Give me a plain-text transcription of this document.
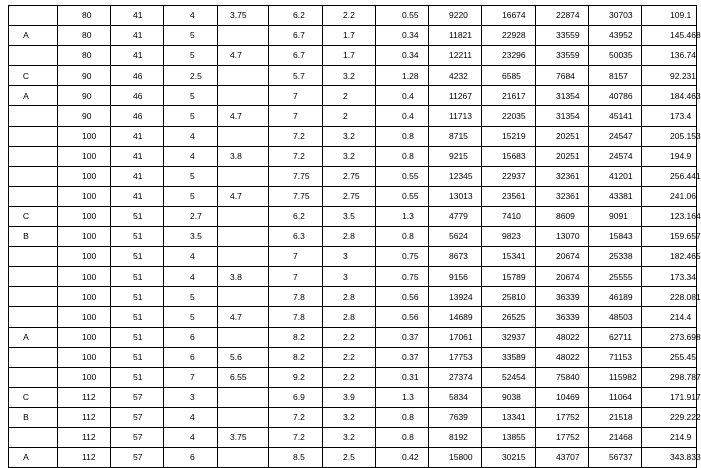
	80	41	4	3.75	6.2	2.2	0.55	9220	16674	22874	30703	109.1
A	80	41	5		6.7	1.7	0.34	11821	22928	33559	43952	145.468
	80	41	5	4.7	6.7	1.7	0.34	12211	23296	33559	50035	136.74
C	90	46	2.5		5.7	3.2	1.28	4232	6585	7684	8157	92.231
A	90	46	5		7	2	0.4	11267	21617	31354	40786	184.463
	90	46	5	4.7	7	2	0.4	11713	22035	31354	45141	173.4
	100	41	4		7.2	3.2	0.8	8715	15219	20251	24547	205.153
	100	41	4	3.8	7.2	3.2	0.8	9215	15683	20251	24574	194.9
	100	41	5		7.75	2.75	0.55	12345	22937	32361	41201	256.441
	100	41	5	4.7	7.75	2.75	0.55	13013	23561	32361	43381	241.06
C	100	51	2.7		6.2	3.5	1.3	4779	7410	8609	9091	123.164
B	100	51	3.5		6.3	2.8	0.8	5624	9823	13070	15843	159.657
	100	51	4		7	3	0.75	8673	15341	20674	25338	182.465
	100	51	4	3.8	7	3	0.75	9156	15789	20674	25555	173.34
	100	51	5		7.8	2.8	0.56	13924	25810	36339	46189	228.081
	100	51	5	4.7	7.8	2.8	0.56	14689	26525	36339	48503	214.4
A	100	51	6		8.2	2.2	0.37	17061	32937	48022	62711	273.698
	100	51	6	5.6	8.2	2.2	0.37	17753	33589	48022	71153	255.45
	100	51	7	6.55	9.2	2.2	0.31	27374	52454	75840	115982	298.787
C	112	57	3		6.9	3.9	1.3	5834	9038	10469	11064	171.917
B	112	57	4		7.2	3.2	0.8	7639	13341	17752	21518	229.222
	112	57	4	3.75	7.2	3.2	0.8	8192	13855	17752	21468	214.9
A	112	57	6		8.5	2.5	0.42	15800	30215	43707	56737	343.833
